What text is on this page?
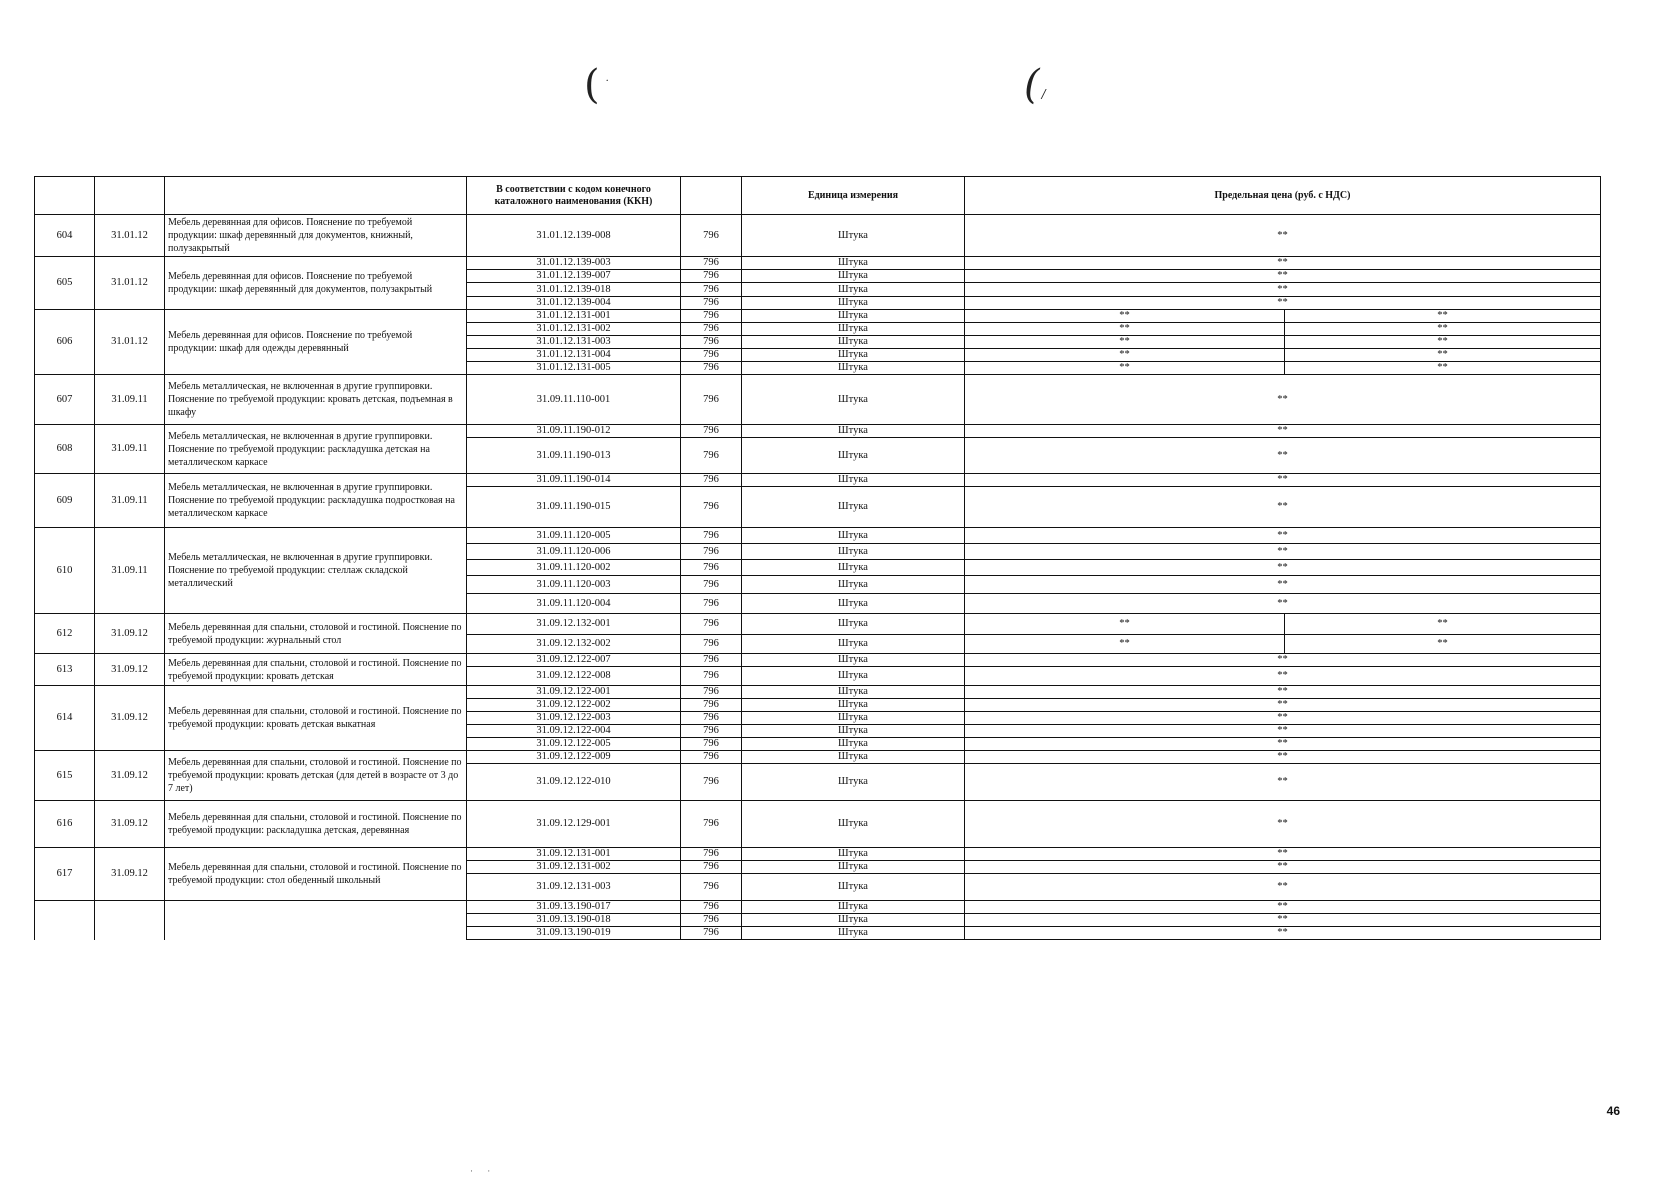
( ·	( /
			В соответствии с кодом конечного каталожного наименования (ККН)		Единица измерения	Предельная цена (руб. с НДС)	
604	31.01.12	Мебель деревянная для офисов. Пояснение по требуемой продукции: шкаф деревянный для документов, книжный, полузакрытый	31.01.12.139-008	796	Штука	**	
605	31.01.12	Мебель деревянная для офисов. Пояснение по требуемой продукции: шкаф деревянный для документов, полузакрытый	31.01.12.139-003	796	Штука	**	
			31.01.12.139-007	796	Штука	**	
			31.01.12.139-018	796	Штука	**	
			31.01.12.139-004	796	Штука	**	
606	31.01.12	Мебель деревянная для офисов. Пояснение по требуемой продукции: шкаф для одежды деревянный	31.01.12.131-001	796	Штука	**	**
			31.01.12.131-002	796	Штука	**	**
			31.01.12.131-003	796	Штука	**	**
			31.01.12.131-004	796	Штука	**	**
			31.01.12.131-005	796	Штука	**	**
607	31.09.11	Мебель металлическая, не включенная в другие группировки. Пояснение по требуемой продукции: кровать детская, подъемная в шкафу	31.09.11.110-001	796	Штука	**	
608	31.09.11	Мебель металлическая, не включенная в другие группировки. Пояснение по требуемой продукции: раскладушка детская на металлическом каркасе	31.09.11.190-012	796	Штука	**	
			31.09.11.190-013	796	Штука	**	
609	31.09.11	Мебель металлическая, не включенная в другие группировки. Пояснение по требуемой продукции: раскладушка подростковая на металлическом каркасе	31.09.11.190-014	796	Штука	**	
			31.09.11.190-015	796	Штука	**	
610	31.09.11	Мебель металлическая, не включенная в другие группировки. Пояснение по требуемой продукции: стеллаж складской металлический	31.09.11.120-005	796	Штука	**	
			31.09.11.120-006	796	Штука	**	
			31.09.11.120-002	796	Штука	**	
			31.09.11.120-003	796	Штука	**	
			31.09.11.120-004	796	Штука	**	
612	31.09.12	Мебель деревянная для спальни, столовой и гостиной. Пояснение по требуемой продукции: журнальный стол	31.09.12.132-001	796	Штука	**	**
			31.09.12.132-002	796	Штука	**	**
613	31.09.12	Мебель деревянная для спальни, столовой и гостиной. Пояснение по требуемой продукции: кровать детская	31.09.12.122-007	796	Штука	**	
			31.09.12.122-008	796	Штука	**	
614	31.09.12	Мебель деревянная для спальни, столовой и гостиной. Пояснение по требуемой продукции: кровать детская выкатная	31.09.12.122-001	796	Штука	**	
			31.09.12.122-002	796	Штука	**	
			31.09.12.122-003	796	Штука	**	
			31.09.12.122-004	796	Штука	**	
			31.09.12.122-005	796	Штука	**	
615	31.09.12	Мебель деревянная для спальни, столовой и гостиной. Пояснение по требуемой продукции: кровать детская (для детей в возрасте от 3 до 7 лет)	31.09.12.122-009	796	Штука	**	
			31.09.12.122-010	796	Штука	**	
616	31.09.12	Мебель деревянная для спальни, столовой и гостиной. Пояснение по требуемой продукции: раскладушка детская, деревянная	31.09.12.129-001	796	Штука	**	
617	31.09.12	Мебель деревянная для спальни, столовой и гостиной. Пояснение по требуемой продукции: стол обеденный школьный	31.09.12.131-001	796	Штука	**	
			31.09.12.131-002	796	Штука	**	
			31.09.12.131-003	796	Штука	**	
			31.09.13.190-017	796	Штука	**	
			31.09.13.190-018	796	Штука	**	
			31.09.13.190-019	796	Штука	**	
46
· ·
